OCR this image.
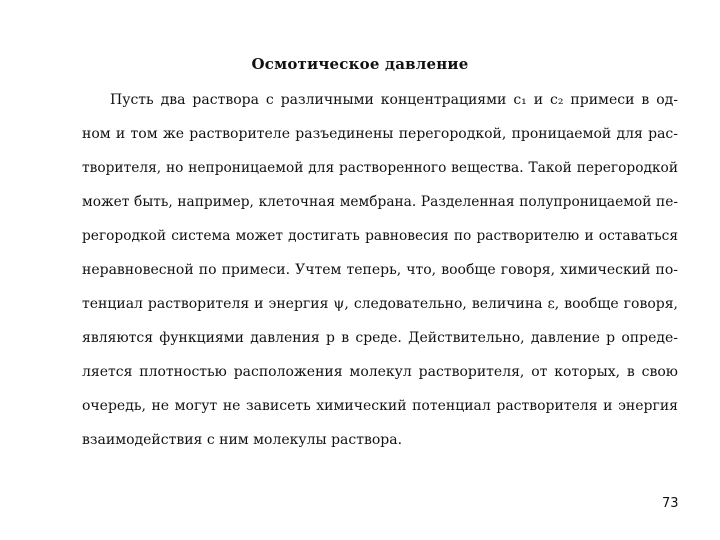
Осмотическое давление
Пусть два раствора с различными концентрациями c₁ и c₂ примеси в од-
ном и том же растворителе разъединены перегородкой, проницаемой для рас-
творителя, но непроницаемой для растворенного вещества. Такой перегородкой
может быть, например, клеточная мембрана. Разделенная полупроницаемой пе-
регородкой система может достигать равновесия по растворителю и оставаться
неравновесной по примеси. Учтем теперь, что, вообще говоря, химический по-
тенциал растворителя и энергия ψ, следовательно, величина ε, вообще говоря,
являются функциями давления p в среде. Действительно, давление p опреде-
ляется плотностью расположения молекул растворителя, от которых, в свою
очередь, не могут не зависеть химический потенциал растворителя и энергия
взаимодействия с ним молекулы раствора.
73
